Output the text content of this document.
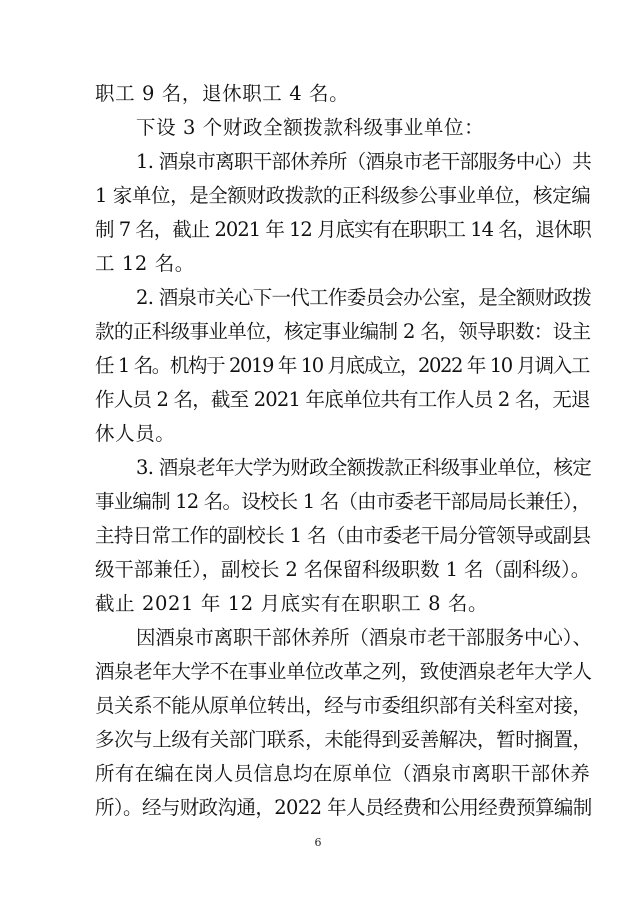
职工 9 名，退休职工 4 名。
下设 3 个财政全额拨款科级事业单位：
1. 酒泉市离职干部休养所（酒泉市老干部服务中心）共
1 家单位，是全额财政拨款的正科级参公事业单位，核定编
制 7 名，截止 2021 年 12 月底实有在职职工 14 名，退休职
工 12 名。
2. 酒泉市关心下一代工作委员会办公室，是全额财政拨
款的正科级事业单位，核定事业编制 2 名，领导职数：设主
任 1 名。机构于 2019 年 10 月底成立，2022 年 10 月调入工
作人员 2 名，截至 2021 年底单位共有工作人员 2 名，无退
休人员。
3. 酒泉老年大学为财政全额拨款正科级事业单位，核定
事业编制 12 名。设校长 1 名（由市委老干部局局长兼任），
主持日常工作的副校长 1 名（由市委老干局分管领导或副县
级干部兼任），副校长 2 名保留科级职数 1 名（副科级）。
截止 2021 年 12 月底实有在职职工 8 名。
因酒泉市离职干部休养所（酒泉市老干部服务中心）、
酒泉老年大学不在事业单位改革之列，致使酒泉老年大学人
员关系不能从原单位转出，经与市委组织部有关科室对接，
多次与上级有关部门联系，未能得到妥善解决，暂时搁置，
所有在编在岗人员信息均在原单位（酒泉市离职干部休养
所）。经与财政沟通，2022 年人员经费和公用经费预算编制
6
